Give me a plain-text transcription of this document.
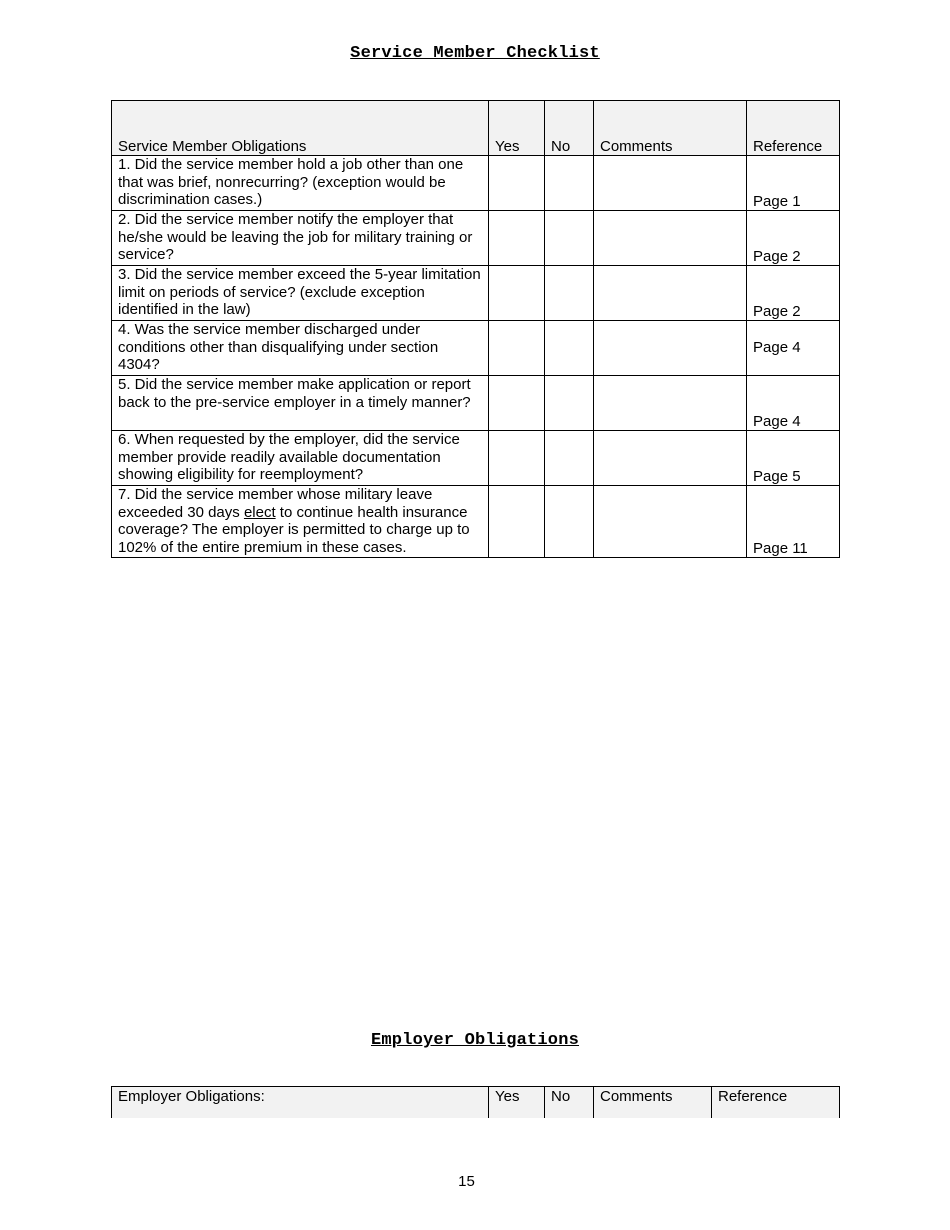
Service Member Checklist
Service Member Obligations	Yes	No	Comments	Reference
1. Did the service member hold a job other than one that was brief, nonrecurring? (exception would be discrimination cases.)				Page 1
2. Did the service member notify the employer that he/she would be leaving the job for military training or service?				Page 2
3. Did the service member exceed the 5-year limitation limit on periods of service? (exclude exception identified in the law)				Page 2
4. Was the service member discharged under conditions other than disqualifying under section 4304?				Page 4
5. Did the service member make application or report back to the pre-service employer in a timely manner?				Page 4
6. When requested by the employer, did the service member provide readily available documentation showing eligibility for reemployment?				Page 5
7. Did the service member whose military leave exceeded 30 days elect to continue health insurance coverage? The employer is permitted to charge up to 102% of the entire premium in these cases.				Page 11
Employer Obligations
Employer Obligations:	Yes	No	Comments	Reference
15
